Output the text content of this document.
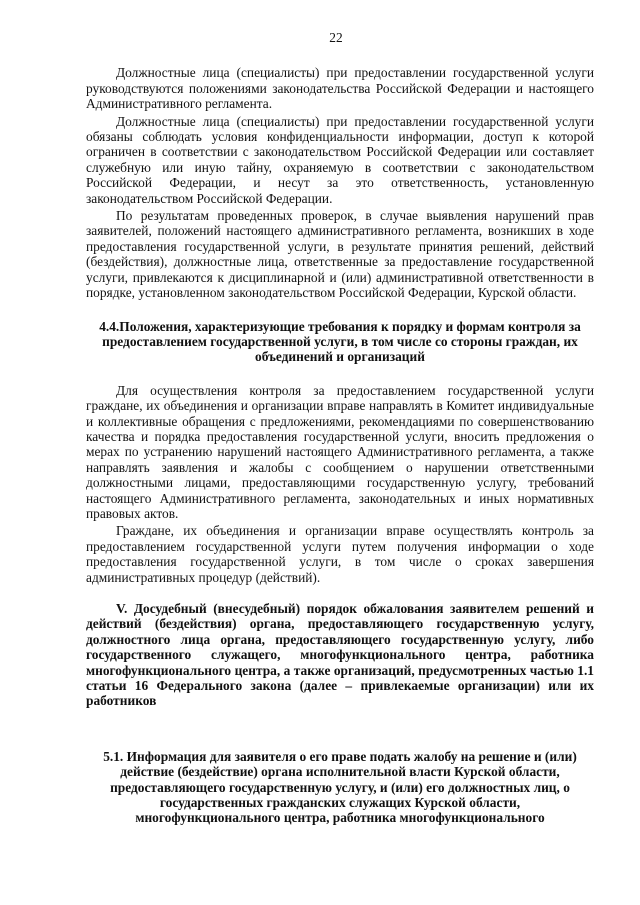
22

Должностные лица (специалисты) при предоставлении государственной услуги руководствуются положениями законодательства Российской Федерации и настоящего Административного регламента.

Должностные лица (специалисты) при предоставлении государственной услуги обязаны соблюдать условия конфиденциальности информации, доступ к которой ограничен в соответствии с законодательством Российской Федерации или составляет служебную или иную тайну, охраняемую в соответствии с законодательством Российской Федерации, и несут за это ответственность, установленную законодательством Российской Федерации.

По результатам проведенных проверок, в случае выявления нарушений прав заявителей, положений настоящего административного регламента, возникших в ходе предоставления государственной услуги, в результате принятия решений, действий (бездействия), должностные лица, ответственные за предоставление государственной услуги, привлекаются к дисциплинарной и (или) административной ответственности в порядке, установленном законодательством Российской Федерации, Курской области.

4.4.Положения, характеризующие требования к порядку и формам контроля за предоставлением государственной услуги, в том числе со стороны граждан, их объединений и организаций

Для осуществления контроля за предоставлением государственной услуги граждане, их объединения и организации вправе направлять в Комитет индивидуальные и коллективные обращения с предложениями, рекомендациями по совершенствованию качества и порядка предоставления государственной услуги, вносить предложения о мерах по устранению нарушений настоящего Административного регламента, а также направлять заявления и жалобы с сообщением о нарушении ответственными должностными лицами, предоставляющими государственную услугу, требований настоящего Административного регламента, законодательных и иных нормативных правовых актов.

Граждане, их объединения и организации вправе осуществлять контроль за предоставлением государственной услуги путем получения информации о ходе предоставления государственной услуги, в том числе о сроках завершения административных процедур (действий).

V. Досудебный (внесудебный) порядок обжалования заявителем решений и действий (бездействия) органа, предоставляющего государственную услугу, должностного лица органа, предоставляющего государственную услугу, либо государственного служащего, многофункционального центра, работника многофункционального центра, а также организаций, предусмотренных частью 1.1 статьи 16 Федерального закона (далее – привлекаемые организации) или их работников

5.1. Информация для заявителя о его праве подать жалобу на решение и (или) действие (бездействие) органа исполнительной власти Курской области, предоставляющего государственную услугу, и (или) его должностных лиц, о государственных гражданских служащих Курской области, многофункционального центра, работника многофункционального
